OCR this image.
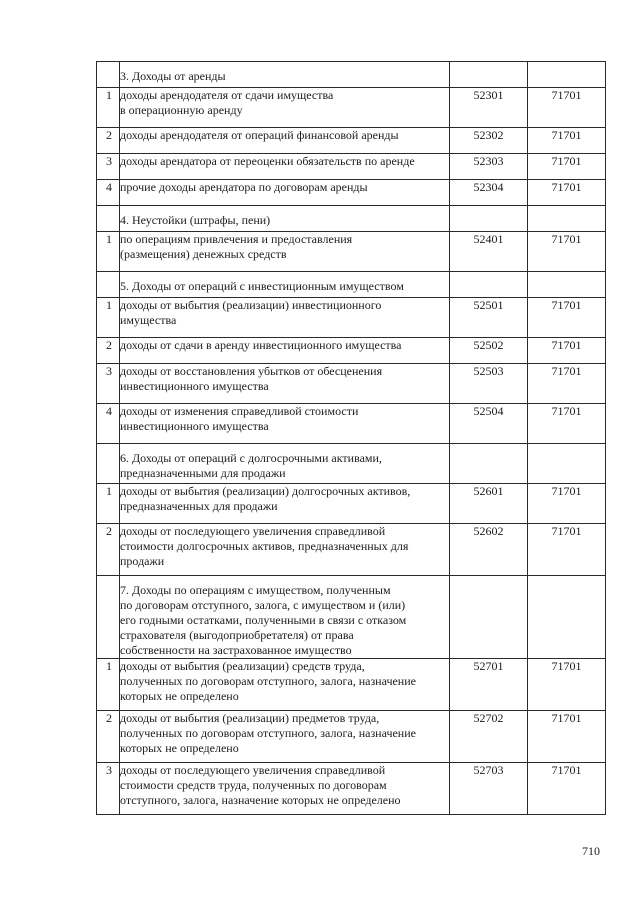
	3. Доходы от аренды		
1	доходы арендодателя от сдачи имущества
в операционную аренду	52301	71701
2	доходы арендодателя от операций финансовой аренды	52302	71701
3	доходы арендатора от переоценки обязательств по аренде	52303	71701
4	прочие доходы арендатора по договорам аренды	52304	71701
	4. Неустойки (штрафы, пени)		
1	по операциям привлечения и предоставления
(размещения) денежных средств	52401	71701
	5. Доходы от операций с инвестиционным имуществом		
1	доходы от выбытия (реализации) инвестиционного
имущества	52501	71701
2	доходы от сдачи в аренду инвестиционного имущества	52502	71701
3	доходы от восстановления убытков от обесценения
инвестиционного имущества	52503	71701
4	доходы от изменения справедливой стоимости
инвестиционного имущества	52504	71701
	6. Доходы от операций с долгосрочными активами,
предназначенными для продажи		
1	доходы от выбытия (реализации) долгосрочных активов,
предназначенных для продажи	52601	71701
2	доходы от последующего увеличения справедливой
стоимости долгосрочных активов, предназначенных для
продажи	52602	71701
	7. Доходы по операциям с имуществом, полученным
по договорам отступного, залога, с имуществом и (или)
его годными остатками, полученными в связи с отказом
страхователя (выгодоприобретателя) от права
собственности на застрахованное имущество		
1	доходы от выбытия (реализации) средств труда,
полученных по договорам отступного, залога, назначение
которых не определено	52701	71701
2	доходы от выбытия (реализации) предметов труда,
полученных по договорам отступного, залога, назначение
которых не определено	52702	71701
3	доходы от последующего увеличения справедливой
стоимости средств труда, полученных по договорам
отступного, залога, назначение которых не определено	52703	71701
710
